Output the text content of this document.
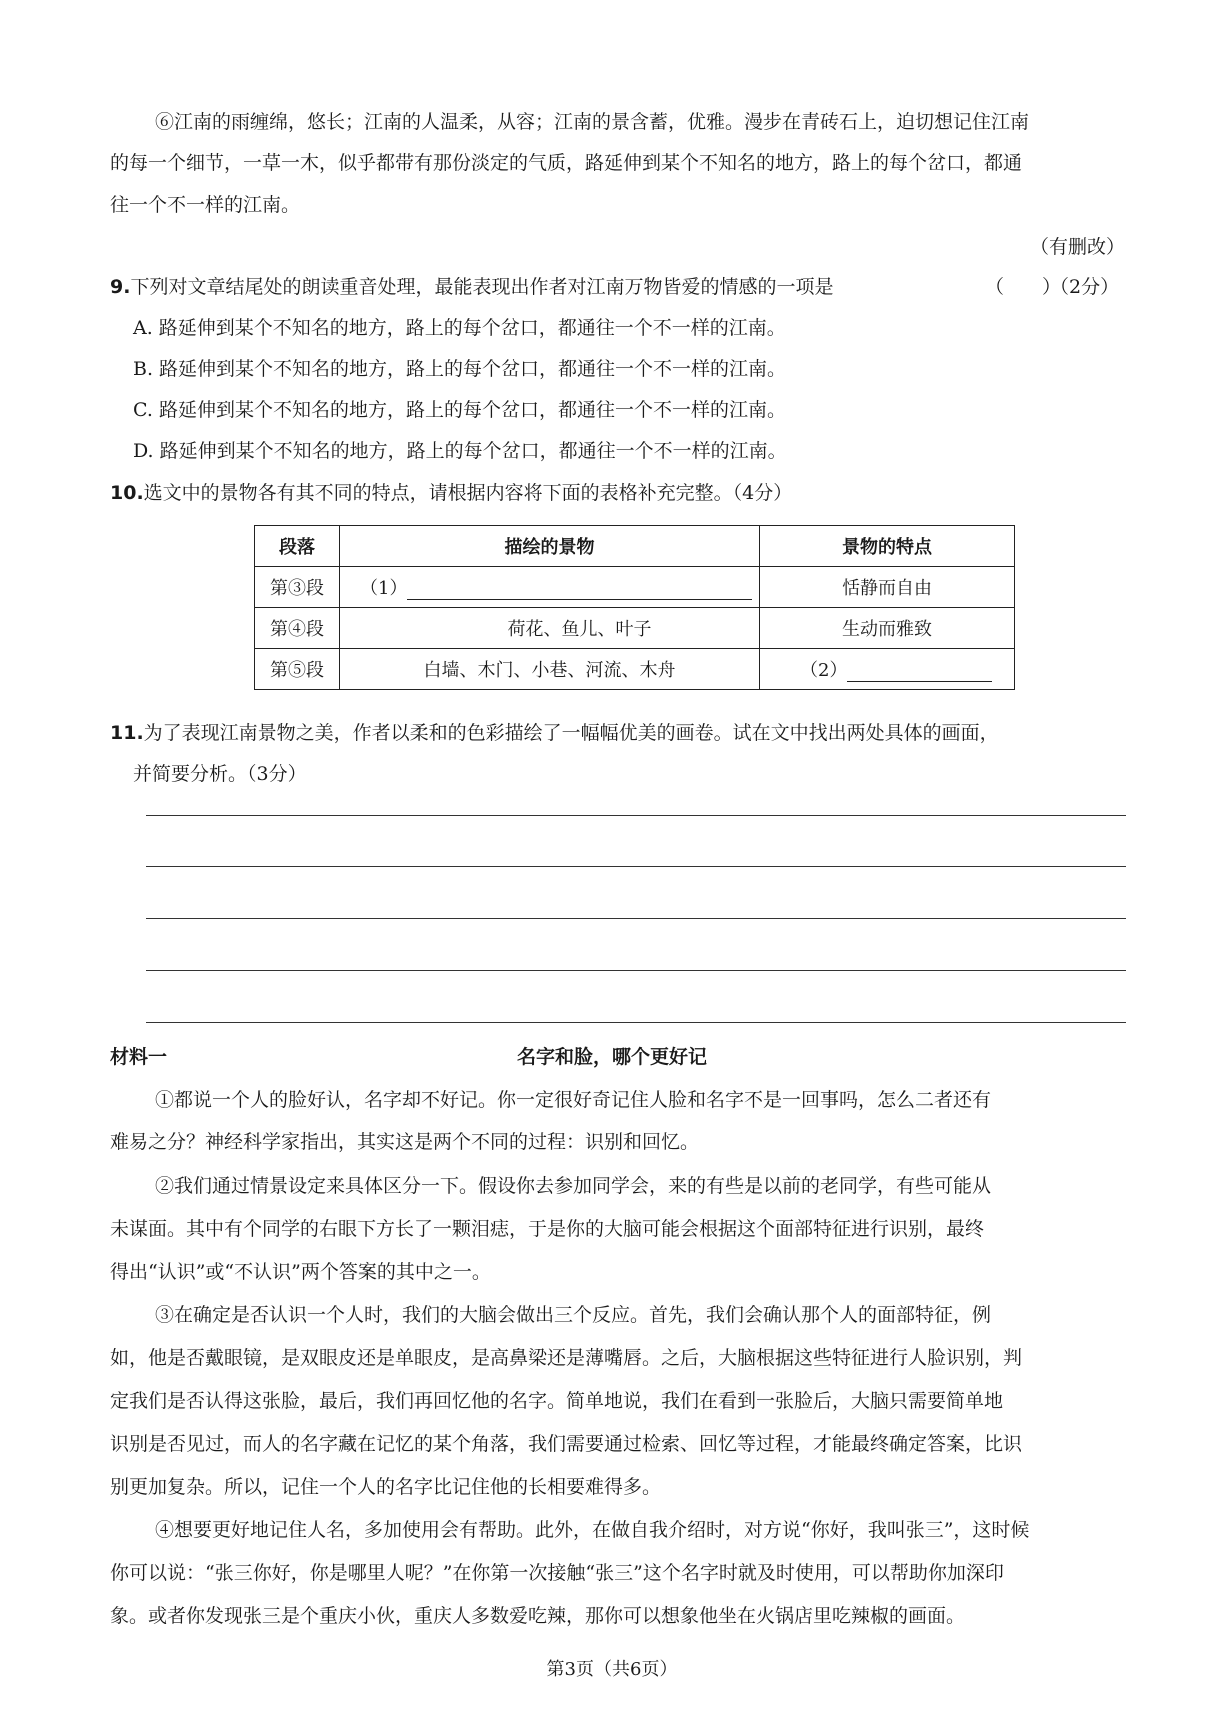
⑥江南的雨缠绵，悠长；江南的人温柔，从容；江南的景含蓄，优雅。漫步在青砖石上，迫切想记住江南
的每一个细节，一草一木，似乎都带有那份淡定的气质，路延伸到某个不知名的地方，路上的每个岔口，都通
往一个不一样的江南。
（有删改）
9.下列对文章结尾处的朗读重音处理，最能表现出作者对江南万物皆爱的情感的一项是	（　　）
（2分）
A. 路延伸到某个不知名的地方，路上的每个岔口，都通往一个不一样的江南。
B. 路延伸到某个不知名的地方，路上的每个岔口，都通往一个不一样的江南。
C. 路延伸到某个不知名的地方，路上的每个岔口，都通往一个不一样的江南。
D. 路延伸到某个不知名的地方，路上的每个岔口，都通往一个不一样的江南。
10.选文中的景物各有其不同的特点，请根据内容将下面的表格补充完整。（4分）
段落	描绘的景物	景物的特点
第③段	（1）	恬静而自由
第④段	荷花、鱼儿、叶子	生动而雅致
第⑤段	白墙、木门、小巷、河流、木舟	（2）
11.为了表现江南景物之美，作者以柔和的色彩描绘了一幅幅优美的画卷。试在文中找出两处具体的画面，
并简要分析。（3分）
材料一	名字和脸，哪个更好记
①都说一个人的脸好认，名字却不好记。你一定很好奇记住人脸和名字不是一回事吗，怎么二者还有
难易之分？神经科学家指出，其实这是两个不同的过程：识别和回忆。
②我们通过情景设定来具体区分一下。假设你去参加同学会，来的有些是以前的老同学，有些可能从
未谋面。其中有个同学的右眼下方长了一颗泪痣，于是你的大脑可能会根据这个面部特征进行识别，最终
得出“认识”或“不认识”两个答案的其中之一。
③在确定是否认识一个人时，我们的大脑会做出三个反应。首先，我们会确认那个人的面部特征，例
如，他是否戴眼镜，是双眼皮还是单眼皮，是高鼻梁还是薄嘴唇。之后，大脑根据这些特征进行人脸识别，判
定我们是否认得这张脸，最后，我们再回忆他的名字。简单地说，我们在看到一张脸后，大脑只需要简单地
识别是否见过，而人的名字藏在记忆的某个角落，我们需要通过检索、回忆等过程，才能最终确定答案，比识
别更加复杂。所以，记住一个人的名字比记住他的长相要难得多。
④想要更好地记住人名，多加使用会有帮助。此外，在做自我介绍时，对方说“你好，我叫张三”，这时候
你可以说：“张三你好，你是哪里人呢？”在你第一次接触“张三”这个名字时就及时使用，可以帮助你加深印
象。或者你发现张三是个重庆小伙，重庆人多数爱吃辣，那你可以想象他坐在火锅店里吃辣椒的画面。
第3页（共6页）
